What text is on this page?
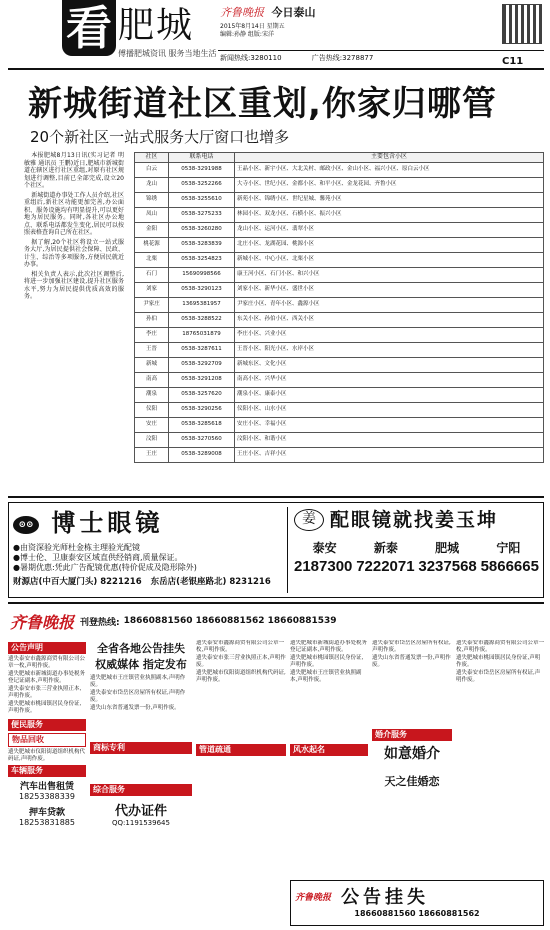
看 肥城
傅播肥城资讯 服务当地生活
齐鲁晚报 今日泰山
2015年8月14日 星期五
编辑:孙静 组版:宋洋
新闻热线:3280110	广告热线:3278877	C11
新城街道社区重划,你家归哪管
20个新社区一站式服务大厅窗口也增多

本报肥城8月13日讯(实习记者 明敏雅 通讯员 王鹏)近日,肥城市新城街道在辖区进行社区重组,对原有社区规划进行调整,目前已全部完成,设立20个社区。

新城街道办事处工作人员介绍,社区重组后,新社区功能更加完善,办公面积、服务设施均有明显提升,可以更好地为居民服务。同时,各社区办公地点、联系电话都发生变化,居民可以按照表格查询自己所在社区。

据了解,20个社区将设立一站式服务大厅,为居民提供社会保障、民政、计生、综治等多项服务,方便居民就近办事。

相关负责人表示,此次社区调整后,将进一步加强社区建设,提升社区服务水平,努力为居民提供优质高效的服务。

社区	联系电话	主要包含小区
白云	0538-3291988	王晶小区、新宇小区、大北关村、邮政小区、金山小区、福兴小区、原白云小区
龙山	0538-3252266	大寺小区、世纪小区、金都小区、和平小区、金龙花园、齐鲁小区
锦绣	0538-3255610	新苑小区、锦绣小区、世纪星城、馨苑小区
凤山	0538-3275233	林园小区、双龙小区、石横小区、振兴小区
金阳	0538-3260280	龙山小区、运河小区、翡翠小区
桃花源	0538-3283839	北庄小区、龙湖花园、桃源小区
北栗	0538-3254823	新城小区、中心小区、北栗小区
石门	15690998566	康王河小区、石门小区、和兴小区
刘家	0538-3290123	刘家小区、新华小区、盛世小区
尹家庄	13695381957	尹家庄小区、青年小区、鑫源小区
孙伯	0538-3288522	东关小区、孙伯小区、西关小区
李庄	18765031879	李庄小区、兴业小区
王晋	0538-3287611	王晋小区、阳光小区、水岸小区
新城	0538-3292709	新城东区、文化小区
南高	0538-3291208	南高小区、兴华小区
潮泉	0538-3257620	潮泉小区、康泰小区
仪阳	0538-3290256	仪阳小区、山水小区
安庄	0538-3285618	安庄小区、幸福小区
汶阳	0538-3270560	汶阳小区、和谐小区
王庄	0538-3289008	王庄小区、吉祥小区
⊙⊙ 博士眼镜
●由资深验光师杜金栋主理验光配镜
●博士伦、卫康泰安区域直供经销商,质量保证。
●暑期优惠:凭此广告配镜优惠(特价促成及隐形除外)
财源店(中百大厦门头) 8221216 东岳店(老银座路北) 8231216
姜 配眼镜就找姜玉坤
泰安	新泰	肥城	宁阳
2187300 7222071 3237568 5866665
齐鲁晚报 刊登热线: 18660881560 18660881562 18660881539
公告声明
遗失泰安市鑫源商贸有限公司公章一枚,声明作废。
遗失肥城市新城街道办事处税务登记证副本,声明作废。
遗失泰安市张三营业执照正本,声明作废。
遗失肥城市桃园镇居民身份证,声明作废。
便民服务
物品回收
遗失肥城市仪阳街道组织机构代码证,声明作废。
车辆服务
汽车出售租赁
18253388339
押车贷款
18253831885
全省各地公告挂失
权威媒体 指定发布
遗失肥城市王庄镇营业执照副本,声明作废。
遗失泰安市岱岳区房屋所有权证,声明作废。
遗失山东省普通发票一份,声明作废。
商标专利
综合服务
代办证件
QQ:1191539645
遗失泰安市鑫源商贸有限公司公章一枚,声明作废。
遗失泰安市张三营业执照正本,声明作废。
遗失肥城市仪阳街道组织机构代码证,声明作废。
管道疏通
遗失肥城市新城街道办事处税务登记证副本,声明作废。
遗失肥城市桃园镇居民身份证,声明作废。
遗失肥城市王庄镇营业执照副本,声明作废。
风水起名
遗失泰安市岱岳区房屋所有权证,声明作废。
遗失山东省普通发票一份,声明作废。
婚介服务
如意婚介
天之佳婚恋
遗失泰安市鑫源商贸有限公司公章一枚,声明作废。
遗失肥城市桃园镇居民身份证,声明作废。
遗失泰安市岱岳区房屋所有权证,声明作废。
齐鲁晚报 公告挂失
18660881560 18660881562
